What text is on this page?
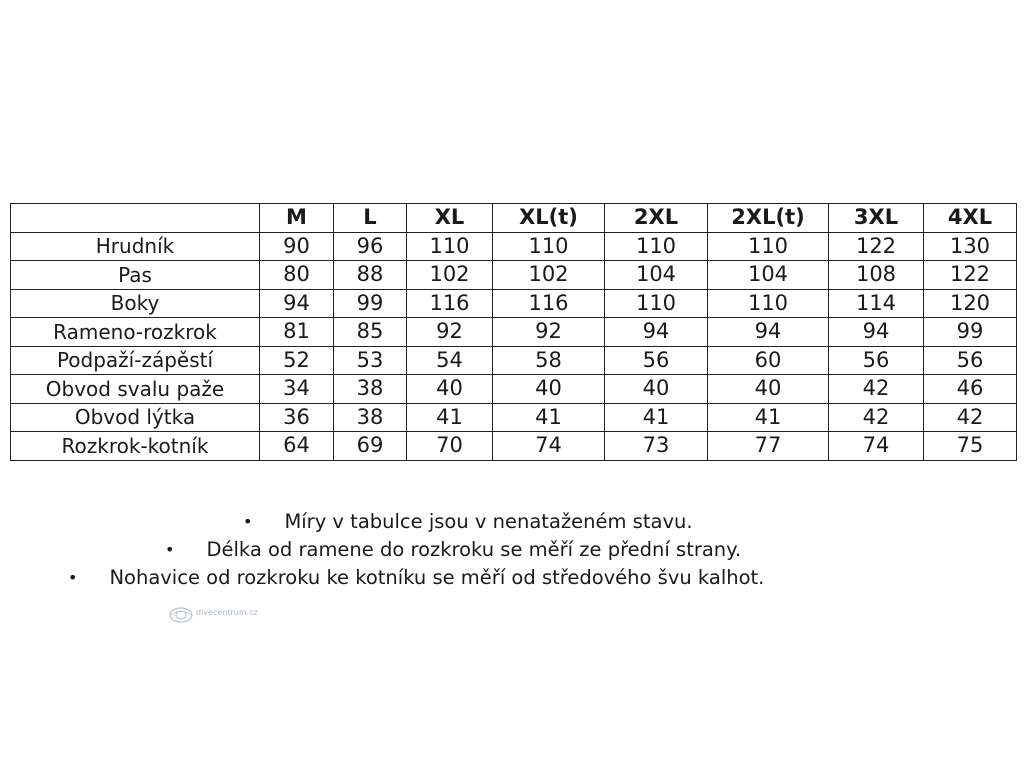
	M	L	XL	XL(t)	2XL	2XL(t)	3XL	4XL
Hrudník	90	96	110	110	110	110	122	130
Pas	80	88	102	102	104	104	108	122
Boky	94	99	116	116	110	110	114	120
Rameno-rozkrok	81	85	92	92	94	94	94	99
Podpaží-zápěstí	52	53	54	58	56	60	56	56
Obvod svalu paže	34	38	40	40	40	40	42	46
Obvod lýtka	36	38	41	41	41	41	42	42
Rozkrok-kotník	64	69	70	74	73	77	74	75
• Míry v tabulce jsou v nenataženém stavu.
• Délka od ramene do rozkroku se měří ze přední strany.
• Nohavice od rozkroku ke kotníku se měří od středového švu kalhot.
divecentrum.cz
